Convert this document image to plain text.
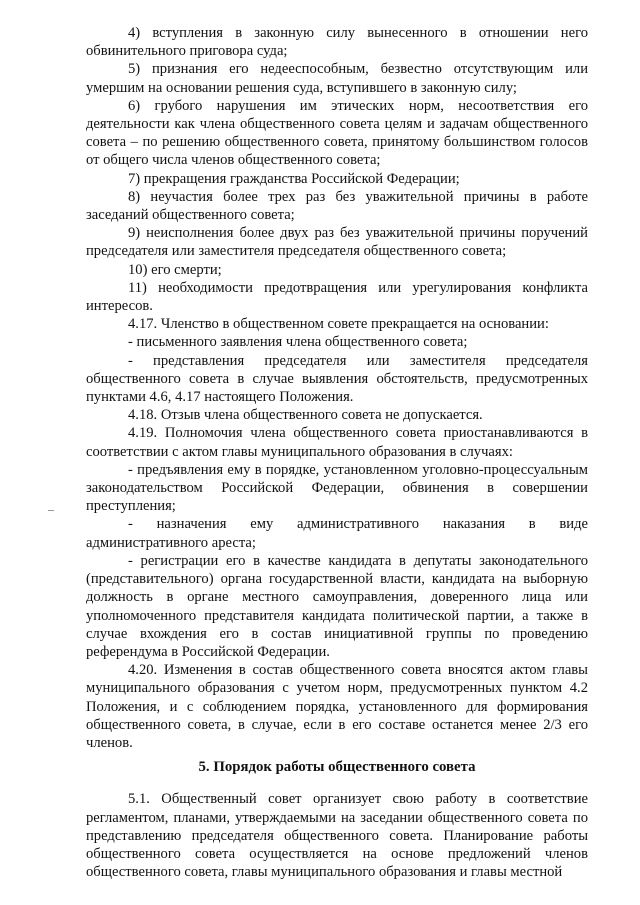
4) вступления в законную силу вынесенного в отношении него обвинительного приговора суда;

5) признания его недееспособным, безвестно отсутствующим или умершим на основании решения суда, вступившего в законную силу;

6) грубого нарушения им этических норм, несоответствия его деятельности как члена общественного совета целям и задачам общественного совета – по решению общественного совета, принятому большинством голосов от общего числа членов общественного совета;

7) прекращения гражданства Российской Федерации;

8) неучастия более трех раз без уважительной причины в работе заседаний общественного совета;

9) неисполнения более двух раз без уважительной причины поручений председателя или заместителя председателя общественного совета;

10) его смерти;

11) необходимости предотвращения или урегулирования конфликта интересов.

4.17. Членство в общественном совете прекращается на основании:

- письменного заявления члена общественного совета;

- представления председателя или заместителя председателя общественного совета в случае выявления обстоятельств, предусмотренных пунктами 4.6, 4.17 настоящего Положения.

4.18. Отзыв члена общественного совета не допускается.

4.19. Полномочия члена общественного совета приостанавливаются в соответствии с актом главы муниципального образования в случаях:

- предъявления ему в порядке, установленном уголовно-процессуальным законодательством Российской Федерации, обвинения в совершении преступления;

- назначения ему административного наказания в виде административного ареста;

- регистрации его в качестве кандидата в депутаты законодательного (представительного) органа государственной власти, кандидата на выборную должность в органе местного самоуправления, доверенного лица или уполномоченного представителя кандидата политической партии, а также в случае вхождения его в состав инициативной группы по проведению референдума в Российской Федерации.

4.20. Изменения в состав общественного совета вносятся актом главы муниципального образования с учетом норм, предусмотренных пунктом 4.2 Положения, и с соблюдением порядка, установленного для формирования общественного совета, в случае, если в его составе останется менее 2/3 его членов.

5. Порядок работы общественного совета

5.1. Общественный совет организует свою работу в соответствие регламентом, планами, утверждаемыми на заседании общественного совета по представлению председателя общественного совета. Планирование работы общественного совета осуществляется на основе предложений членов общественного совета, главы муниципального образования и главы местной
